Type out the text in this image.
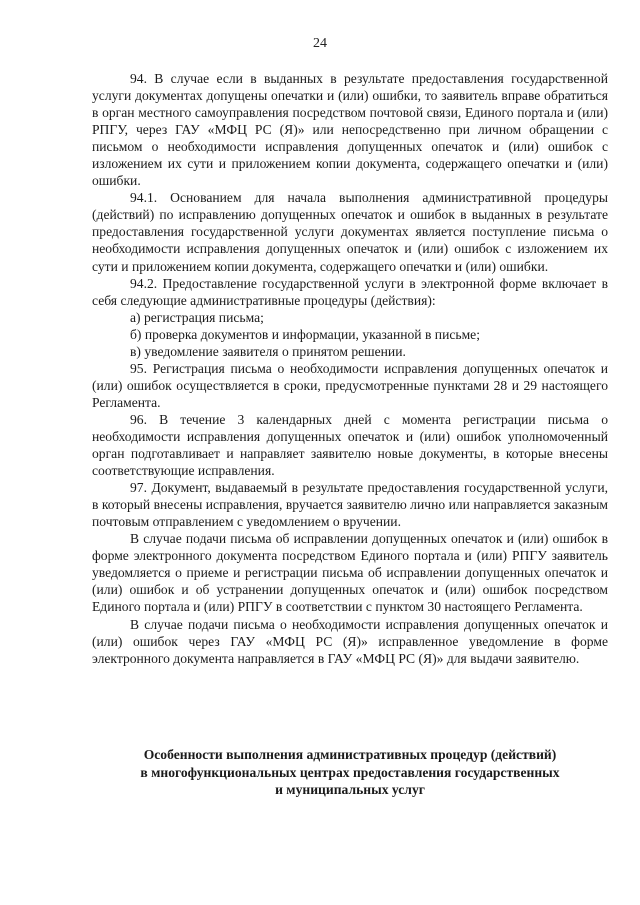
24

94. В случае если в выданных в результате предоставления государственной услуги документах допущены опечатки и (или) ошибки, то заявитель вправе обратиться в орган местного самоуправления посредством почтовой связи, Единого портала и (или) РПГУ, через ГАУ «МФЦ РС (Я)» или непосредственно при личном обращении с письмом о необходимости исправления допущенных опечаток и (или) ошибок с изложением их сути и приложением копии документа, содержащего опечатки и (или) ошибки.

94.1. Основанием для начала выполнения административной процедуры (действий) по исправлению допущенных опечаток и ошибок в выданных в результате предоставления государственной услуги документах является поступление письма о необходимости исправления допущенных опечаток и (или) ошибок с изложением их сути и приложением копии документа, содержащего опечатки и (или) ошибки.

94.2. Предоставление государственной услуги в электронной форме включает в себя следующие административные процедуры (действия):

а) регистрация письма;

б) проверка документов и информации, указанной в письме;

в) уведомление заявителя о принятом решении.

95. Регистрация письма о необходимости исправления допущенных опечаток и (или) ошибок осуществляется в сроки, предусмотренные пунктами 28 и 29 настоящего Регламента.

96. В течение 3 календарных дней с момента регистрации письма о необходимости исправления допущенных опечаток и (или) ошибок уполномоченный орган подготавливает и направляет заявителю новые документы, в которые внесены соответствующие исправления.

97. Документ, выдаваемый в результате предоставления государственной услуги, в который внесены исправления, вручается заявителю лично или направляется заказным почтовым отправлением с уведомлением о вручении.

В случае подачи письма об исправлении допущенных опечаток и (или) ошибок в форме электронного документа посредством Единого портала и (или) РПГУ заявитель уведомляется о приеме и регистрации письма об исправлении допущенных опечаток и (или) ошибок и об устранении допущенных опечаток и (или) ошибок посредством Единого портала и (или) РПГУ в соответствии с пунктом 30 настоящего Регламента.

В случае подачи письма о необходимости исправления допущенных опечаток и (или) ошибок через ГАУ «МФЦ РС (Я)» исправленное уведомление в форме электронного документа направляется в ГАУ «МФЦ РС (Я)» для выдачи заявителю.

Особенности выполнения административных процедур (действий)
в многофункциональных центрах предоставления государственных
и муниципальных услуг
